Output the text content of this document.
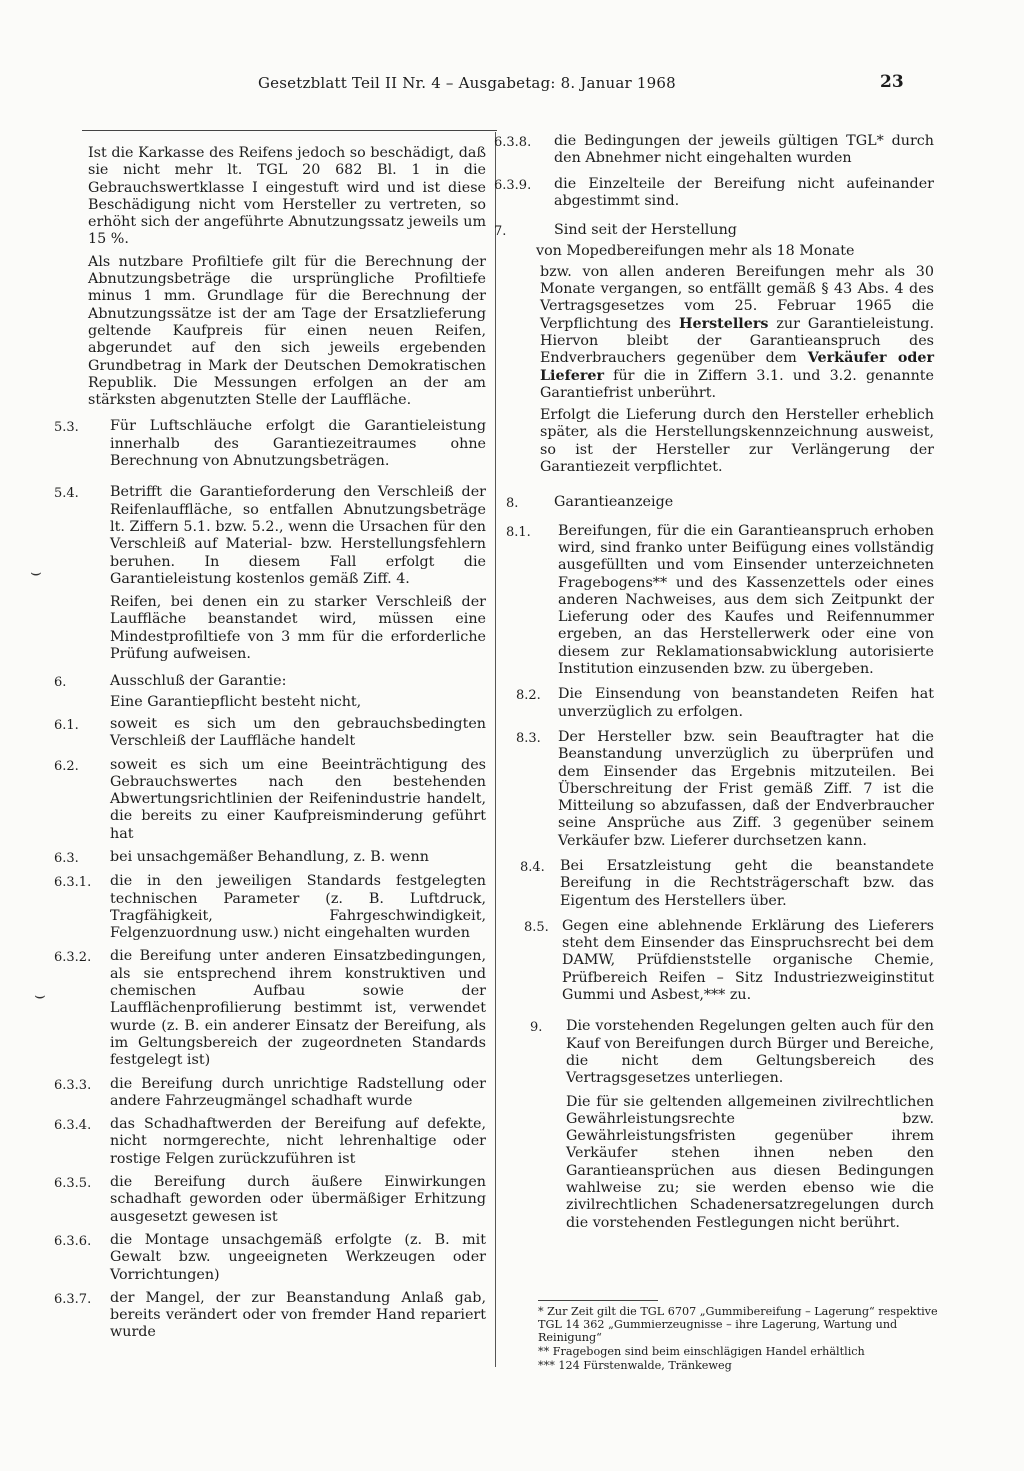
Gesetzblatt Teil II Nr. 4 – Ausgabetag: 8. Januar 1968	23
⌣
⌣

Ist die Karkasse des Reifens jedoch so beschädigt, daß sie nicht mehr lt. TGL 20 682 Bl. 1 in die Gebrauchswertklasse I eingestuft wird und ist diese Beschädigung nicht vom Hersteller zu vertreten, so erhöht sich der angeführte Abnutzungssatz jeweils um 15 %.

Als nutzbare Profiltiefe gilt für die Berechnung der Abnutzungsbeträge die ursprüngliche Profiltiefe minus 1 mm. Grundlage für die Berechnung der Abnutzungssätze ist der am Tage der Ersatzlieferung geltende Kaufpreis für einen neuen Reifen, abgerundet auf den sich jeweils ergebenden Grundbetrag in Mark der Deutschen Demokratischen Republik. Die Messungen erfolgen an der am stärksten abgenutzten Stelle der Lauffläche.

5.3.	Für Luftschläuche erfolgt die Garantieleistung innerhalb des Garantiezeitraumes ohne Berechnung von Abnutzungsbeträgen.
5.4.	Betrifft die Garantieforderung den Verschleiß der Reifenlauffläche, so entfallen Abnutzungsbeträge lt. Ziffern 5.1. bzw. 5.2., wenn die Ursachen für den Verschleiß auf Material- bzw. Herstellungsfehlern beruhen. In diesem Fall erfolgt die Garantieleistung kostenlos gemäß Ziff. 4.

Reifen, bei denen ein zu starker Verschleiß der Lauffläche beanstandet wird, müssen eine Mindestprofiltiefe von 3 mm für die erforderliche Prüfung aufweisen.

6.	Ausschluß der Garantie:

Eine Garantiepflicht besteht nicht,

6.1.	soweit es sich um den gebrauchsbedingten Verschleiß der Lauffläche handelt
6.2.	soweit es sich um eine Beeinträchtigung des Gebrauchswertes nach den bestehenden Abwertungsrichtlinien der Reifenindustrie handelt, die bereits zu einer Kaufpreisminderung geführt hat
6.3.	bei unsachgemäßer Behandlung, z. B. wenn
6.3.1.	die in den jeweiligen Standards festgelegten technischen Parameter (z. B. Luftdruck, Tragfähigkeit, Fahrgeschwindigkeit, Felgenzuordnung usw.) nicht eingehalten wurden
6.3.2.	die Bereifung unter anderen Einsatzbedingungen, als sie entsprechend ihrem konstruktiven und chemischen Aufbau sowie der Laufflächenprofilierung bestimmt ist, verwendet wurde (z. B. ein anderer Einsatz der Bereifung, als im Geltungsbereich der zugeordneten Standards festgelegt ist)
6.3.3.	die Bereifung durch unrichtige Radstellung oder andere Fahrzeugmängel schadhaft wurde
6.3.4.	das Schadhaftwerden der Bereifung auf defekte, nicht normgerechte, nicht lehrenhaltige oder rostige Felgen zurückzuführen ist
6.3.5.	die Bereifung durch äußere Einwirkungen schadhaft geworden oder übermäßiger Erhitzung ausgesetzt gewesen ist
6.3.6.	die Montage unsachgemäß erfolgte (z. B. mit Gewalt bzw. ungeeigneten Werkzeugen oder Vorrichtungen)
6.3.7.	der Mangel, der zur Beanstandung Anlaß gab, bereits verändert oder von fremder Hand repariert wurde
6.3.8.	die Bedingungen der jeweils gültigen TGL* durch den Abnehmer nicht eingehalten wurden
6.3.9.	die Einzelteile der Bereifung nicht aufeinander abgestimmt sind.
7.	Sind seit der Herstellung

von Mopedbereifungen mehr als 18 Monate

bzw. von allen anderen Bereifungen mehr als 30 Monate vergangen, so entfällt gemäß § 43 Abs. 4 des Vertragsgesetzes vom 25. Februar 1965 die Verpflichtung des Herstellers zur Garantieleistung. Hiervon bleibt der Garantieanspruch des Endverbrauchers gegenüber dem Verkäufer oder Lieferer für die in Ziffern 3.1. und 3.2. genannte Garantiefrist unberührt.

Erfolgt die Lieferung durch den Hersteller erheblich später, als die Herstellungskennzeichnung ausweist, so ist der Hersteller zur Verlängerung der Garantiezeit verpflichtet.

8.	Garantieanzeige
8.1.	Bereifungen, für die ein Garantieanspruch erhoben wird, sind franko unter Beifügung eines vollständig ausgefüllten und vom Einsender unterzeichneten Fragebogens** und des Kassenzettels oder eines anderen Nachweises, aus dem sich Zeitpunkt der Lieferung oder des Kaufes und Reifennummer ergeben, an das Herstellerwerk oder eine von diesem zur Reklamationsabwicklung autorisierte Institution einzusenden bzw. zu übergeben.
8.2.	Die Einsendung von beanstandeten Reifen hat unverzüglich zu erfolgen.
8.3.	Der Hersteller bzw. sein Beauftragter hat die Beanstandung unverzüglich zu überprüfen und dem Einsender das Ergebnis mitzuteilen. Bei Überschreitung der Frist gemäß Ziff. 7 ist die Mitteilung so abzufassen, daß der Endverbraucher seine Ansprüche aus Ziff. 3 gegenüber seinem Verkäufer bzw. Lieferer durchsetzen kann.
8.4.	Bei Ersatzleistung geht die beanstandete Bereifung in die Rechtsträgerschaft bzw. das Eigentum des Herstellers über.
8.5. Gegen eine ablehnende Erklärung des Lieferers steht dem Einsender das Einspruchsrecht bei dem DAMW, Prüfdienststelle organische Chemie, Prüfbereich Reifen – Sitz Industriezweiginstitut Gummi und Asbest,*** zu.
9.	Die vorstehenden Regelungen gelten auch für den Kauf von Bereifungen durch Bürger und Bereiche, die nicht dem Geltungsbereich des Vertragsgesetzes unterliegen.

Die für sie geltenden allgemeinen zivilrechtlichen Gewährleistungsrechte bzw. Gewährleistungsfristen gegenüber ihrem Verkäufer stehen ihnen neben den Garantieansprüchen aus diesen Bedingungen wahlweise zu; sie werden ebenso wie die zivilrechtlichen Schadenersatzregelungen durch die vorstehenden Festlegungen nicht berührt.

* Zur Zeit gilt die TGL 6707 „Gummibereifung – Lagerung“ respektive TGL 14 362 „Gummierzeugnisse – ihre Lagerung, Wartung und Reinigung“

** Fragebogen sind beim einschlägigen Handel erhältlich

*** 124 Fürstenwalde, Tränkeweg
